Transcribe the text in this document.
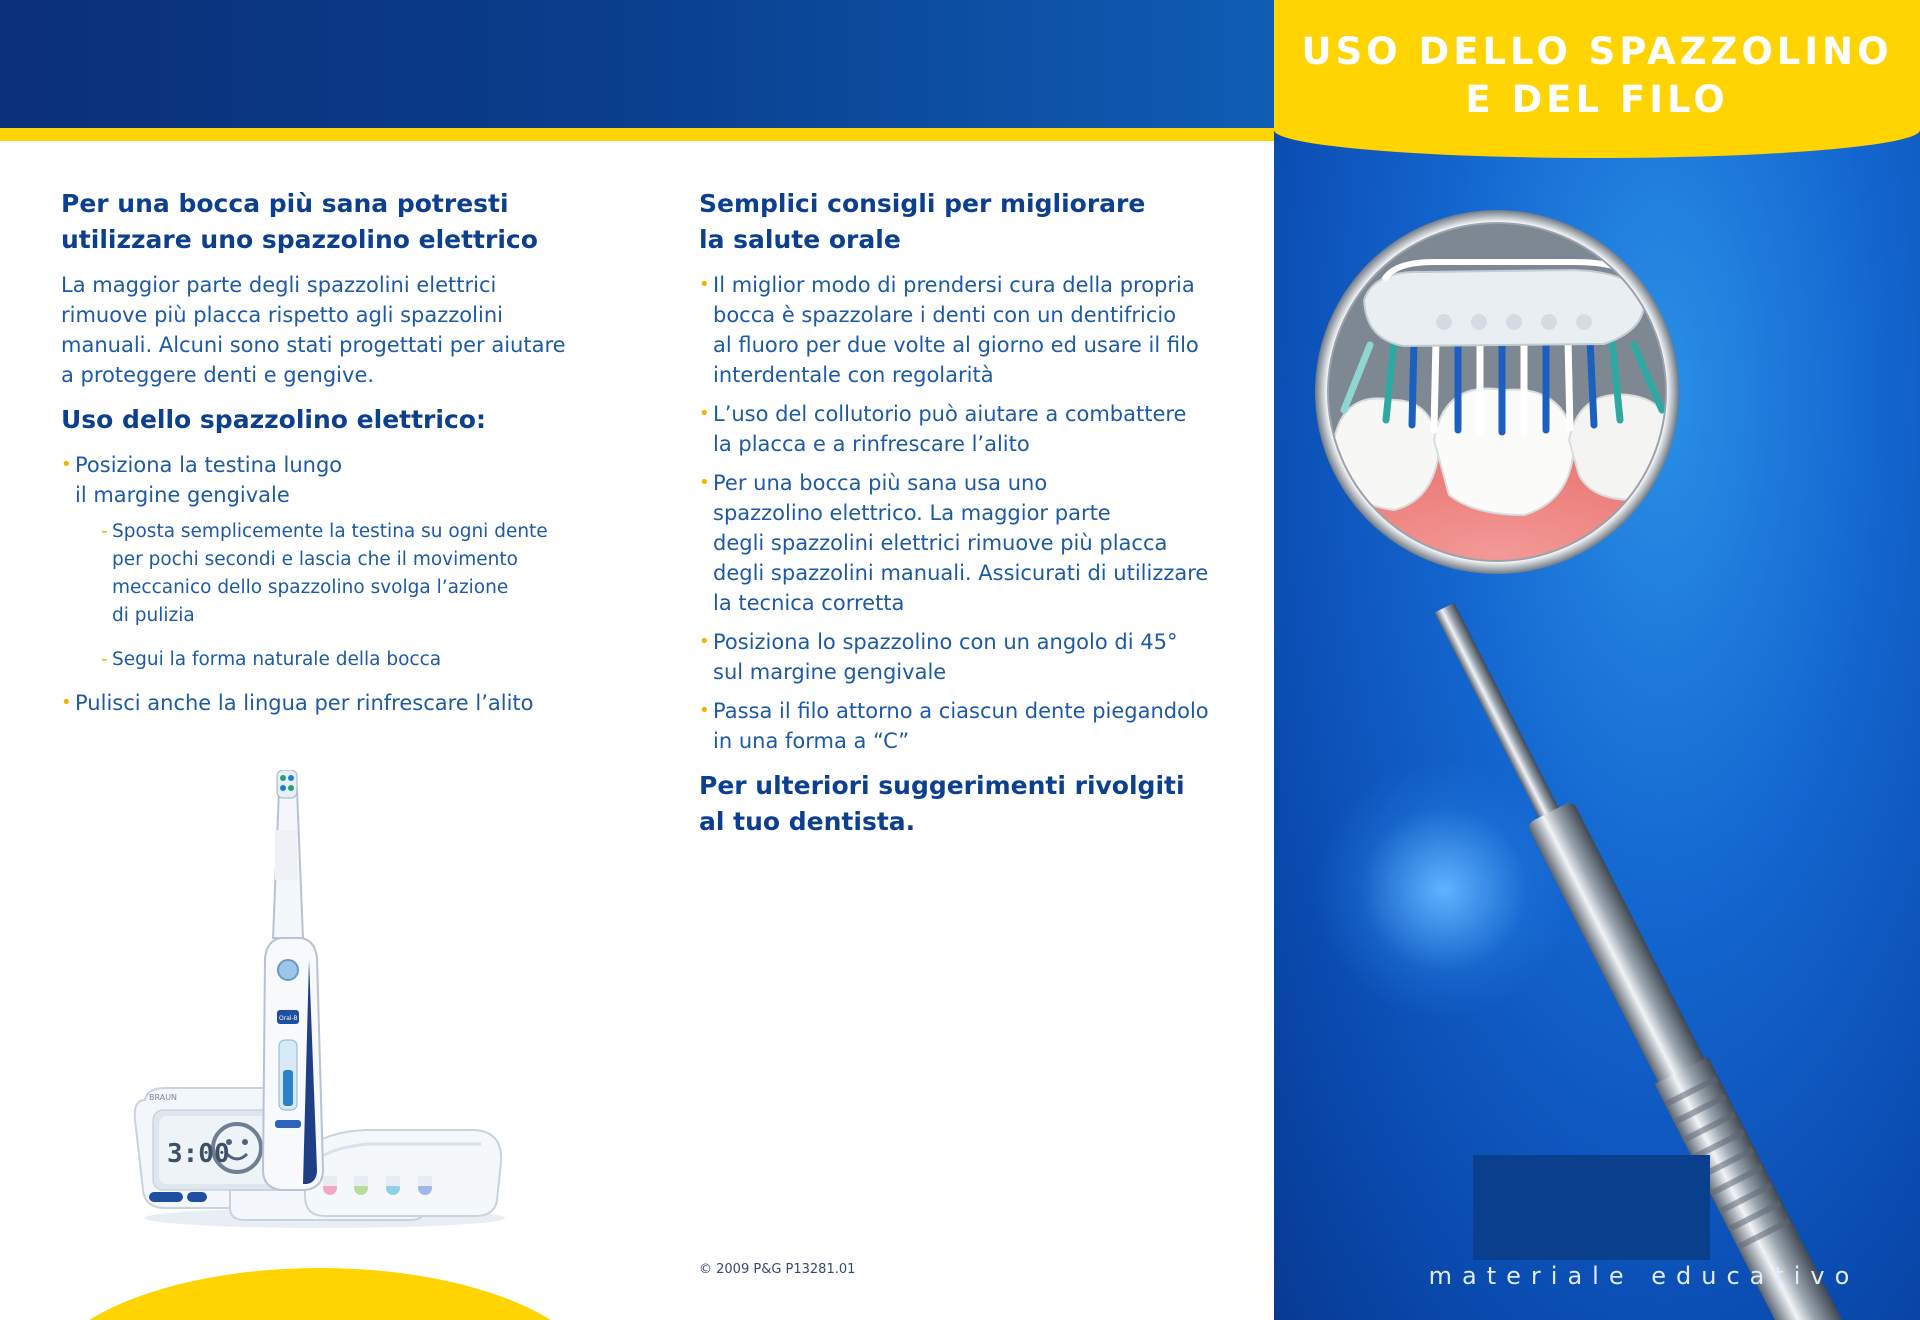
Per una bocca più sana potresti
utilizzare uno spazzolino elettrico
La maggior parte degli spazzolini elettrici
rimuove più placca rispetto agli spazzolini
manuali. Alcuni sono stati progettati per aiutare
a proteggere denti e gengive.
Uso dello spazzolino elettrico:
• Posiziona la testina lungo
il margine gengivale
- Sposta semplicemente la testina su ogni dente
per pochi secondi e lascia che il movimento
meccanico dello spazzolino svolga l’azione
di pulizia
- Segui la forma naturale della bocca
• Pulisci anche la lingua per rinfrescare l’alito
3:00
BRAUN
Oral-B
Semplici consigli per migliorare
la salute orale
• Il miglior modo di prendersi cura della propria
bocca è spazzolare i denti con un dentifricio
al fluoro per due volte al giorno ed usare il filo
interdentale con regolarità
• L’uso del collutorio può aiutare a combattere
la placca e a rinfrescare l’alito
• Per una bocca più sana usa uno
spazzolino elettrico. La maggior parte
degli spazzolini elettrici rimuove più placca
degli spazzolini manuali. Assicurati di utilizzare
la tecnica corretta
• Posiziona lo spazzolino con un angolo di 45°
sul margine gengivale
• Passa il filo attorno a ciascun dente piegandolo
in una forma a “C”
Per ulteriori suggerimenti rivolgiti
al tuo dentista.
© 2009 P&G P13281.01
USO DELLO SPAZZOLINO
E DEL FILO
materiale educativo
